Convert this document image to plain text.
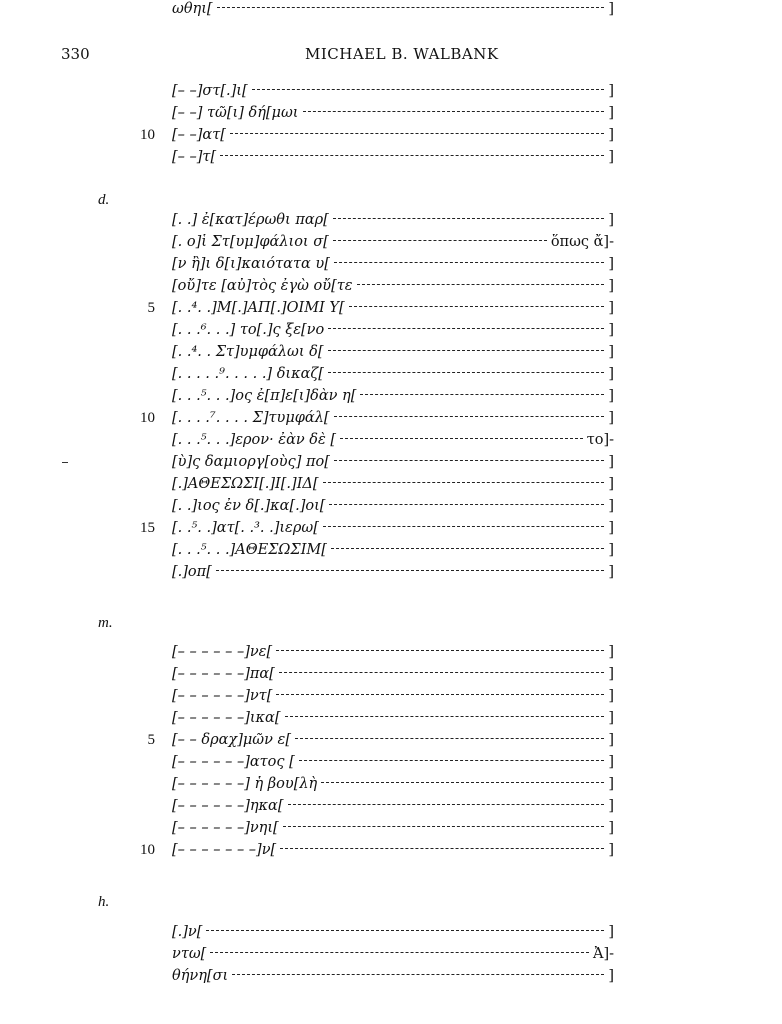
330	MICHAEL B. WALBANK
[– –]στ[.]ι[	]
[– –] τῶ[ι] δή[μωι	]
10 [– –]ατ[	]
[– –]τ[	]
d.
[. .] ἐ[κατ]έρωθι παρ[	]
[. ο]ἱ Στ[υμ]φάλιοι σ[	ὅπως ἄ]-
[ν ἢ]ι δ[ι]καιότατα υ[	]
[οὔ]τε [αὐ]τὸς ἐγὼ οὔ[τε	]
5 [. .⁴. .]Μ[.]ΑΠ[.]ΟΙΜΙ Υ[	]
[. . .⁶. . .] το[.]ς ξε[νο	]
[. .⁴. . Στ]υμφάλωι δ[	]
[. . . . .⁹. . . . .] δικαζ[	]
[. . .⁵. . .]ος ἐ[π]ε[ι]δὰν η[	]
10 [. . . .⁷. . . . Σ]τυμφάλ[	]
[. . .⁵. . .]ερον· ἐὰν δὲ [	το]-
[ὺ]ς δαμιοργ[οὺς] πο[	]
[.]ΑΘΕΣΩΣΙ[.]Ι[.]ΙΔ[	]
[. .]ιος ἐν δ[.]κα[.]οι[	]
15 [. .⁵. .]ατ[. .³. .]ιερω[	]
[. . .⁵. . .]ΑΘΕΣΩΣΙΜ[	]
[.]οπ[	]
m.
[– – – – – –]νε[	]
[– – – – – –]πα[	]
[– – – – – –]ντ[	]
[– – – – – –]ικα[	]
5 [– – δραχ]μῶν ε[	]
[– – – – – –]ατος [	]
[– – – – – –] ἡ βου[λὴ	]
[– – – – – –]ηκα[	]
[– – – – – –]νηι[	]
10 [– – – – – – –]ν[	]
h.
[.]ν[	]
ντω[	Ἀ]-
θήνη[σι	]
ωθηι[	]
